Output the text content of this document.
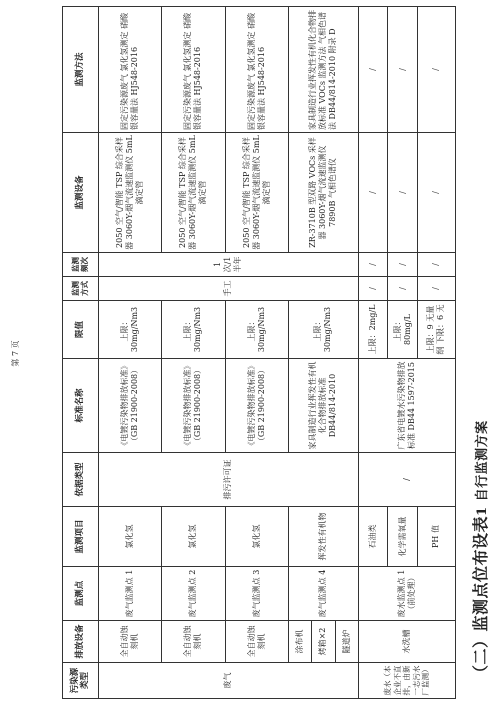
（二）监测点位布设表1 自行监测方案
污染源类型	排放设备	监测点	监测项目	依据类型	标准名称	限值	监测方式	监测频次	监测设备	监测方法
废气	全自动蚀刻机	废气监测点 1	氯化氢	排污许可证	《电镀污染物排放标准》（GB 21900-2008）	上限：30mg/Nm3	手工	1 次/1 半年	2050 空气/智能 TSP 综合采样器 3060Y-烟气流速监测仪 5mL 滴定管	固定污染源废气 氯化氢测定 硝酸银容量法 HJ548-2016
	全自动蚀刻机	废气监测点 2	氯化氢		《电镀污染物排放标准》（GB 21900-2008）	上限：30mg/Nm3			2050 空气/智能 TSP 综合采样器 3060Y-烟气流速监测仪 5mL 滴定管	固定污染源废气 氯化氢测定 硝酸银容量法 HJ548-2016
	全自动蚀刻机	废气监测点 3	氯化氢		《电镀污染物排放标准》（GB 21900-2008）	上限：30mg/Nm3			2050 空气/智能 TSP 综合采样器 3060Y-烟气流速监测仪 5mL 滴定管	固定污染源废气 氯化氢测定 硝酸银容量法 HJ548-2016
	涂布机	废气监测点 4	挥发性有机物		家具制造行业挥发性有机化合物排放标准 DB44/814-2010	上限：30mg/Nm3			ZR-3710B 型双路 VOCs 采样器 3060Y-烟气流速监测仪 7890B 气相色谱仪	家具制造行业挥发性有机化合物排放标准 VOCs 监测方法 气相色谱法 DB44/814-2010 附录 D
	烤箱×2									
	隧道炉									
废水（本企业不直排，由新一志污水厂监测）	水洗槽	废水监测点 1（前处理）	石油类	/	广东省电镀水污染物排放标准 DB44 1597-2015	上限：2mg/L	/	/	/	/
			化学需氧量			上限：80mg/L	/	/	/	/
			PH 值			上限：9 无量纲 下限：6 无	/	/	/	/
第 7 页
